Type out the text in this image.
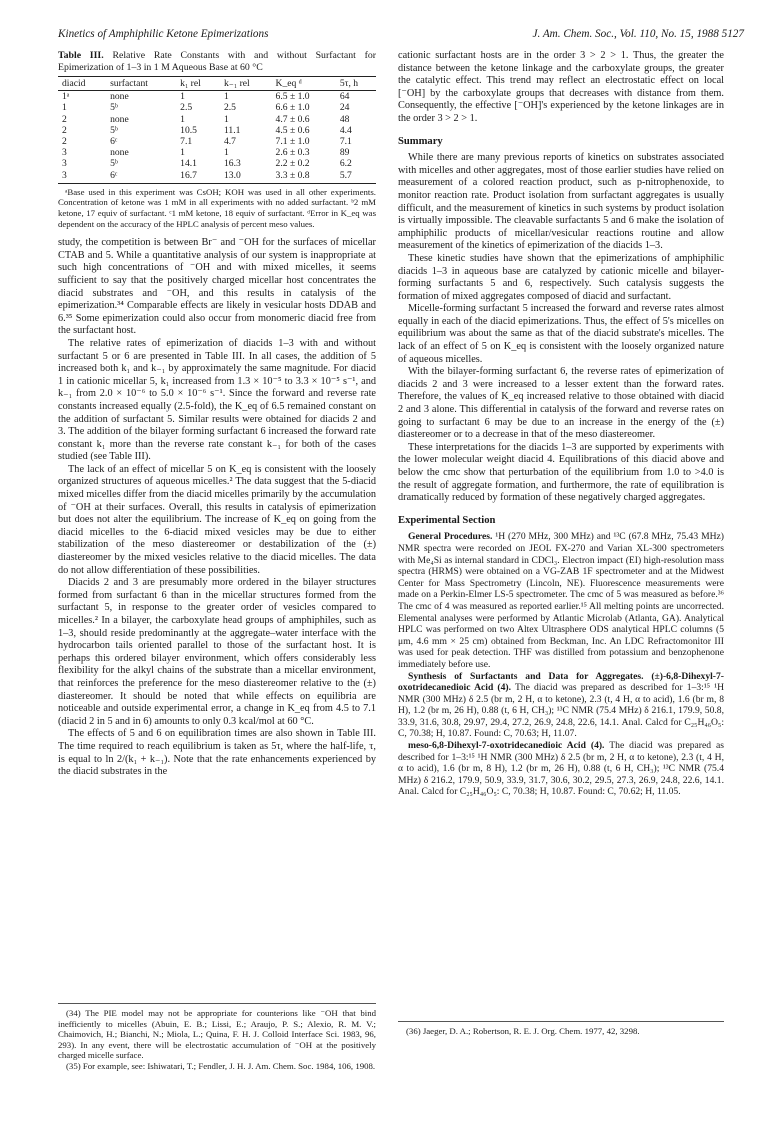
Kinetics of Amphiphilic Ketone Epimerizations	J. Am. Chem. Soc., Vol. 110, No. 15, 1988 5127
Table III. Relative Rate Constants with and without Surfactant for Epimerization of 1–3 in 1 M Aqueous Base at 60 °C
diacid	surfactant	k₁ rel	k₋₁ rel	K_eq ᵈ	5τ, h
1ᵃ	none	1	1	6.5 ± 1.0	64
1	5ᵇ	2.5	2.5	6.6 ± 1.0	24
2	none	1	1	4.7 ± 0.6	48
2	5ᵇ	10.5	11.1	4.5 ± 0.6	4.4
2	6ᶜ	7.1	4.7	7.1 ± 1.0	7.1
3	none	1	1	2.6 ± 0.3	89
3	5ᵇ	14.1	16.3	2.2 ± 0.2	6.2
3	6ᶜ	16.7	13.0	3.3 ± 0.8	5.7

ᵃBase used in this experiment was CsOH; KOH was used in all other experiments. Concentration of ketone was 1 mM in all experiments with no added surfactant. ᵇ2 mM ketone, 17 equiv of surfactant. ᶜ1 mM ketone, 18 equiv of surfactant. ᵈError in K_eq was dependent on the accuracy of the HPLC analysis of percent meso values.

study, the competition is between Br⁻ and ⁻OH for the surfaces of micellar CTAB and 5. While a quantitative analysis of our system is inappropriate at such high concentrations of ⁻OH and with mixed micelles, it seems sufficient to say that the positively charged micellar host concentrates the diacid substrates and ⁻OH, and this results in catalysis of the epimerization.³⁴ Comparable effects are likely in vesicular hosts DDAB and 6.³⁵ Some epimerization could also occur from monomeric diacid free from the surfactant host.

The relative rates of epimerization of diacids 1–3 with and without surfactant 5 or 6 are presented in Table III. In all cases, the addition of 5 increased both k₁ and k₋₁ by approximately the same magnitude. For diacid 1 in cationic micellar 5, k₁ increased from 1.3 × 10⁻⁵ to 3.3 × 10⁻⁵ s⁻¹, and k₋₁ from 2.0 × 10⁻⁶ to 5.0 × 10⁻⁶ s⁻¹. Since the forward and reverse rate constants increased equally (2.5-fold), the K_eq of 6.5 remained constant on the addition of surfactant 5. Similar results were obtained for diacids 2 and 3. The addition of the bilayer forming surfactant 6 increased the forward rate constant k₁ more than the reverse rate constant k₋₁ for both of the cases studied (see Table III).

The lack of an effect of micellar 5 on K_eq is consistent with the loosely organized structures of aqueous micelles.² The data suggest that the 5-diacid mixed micelles differ from the diacid micelles primarily by the accumulation of ⁻OH at their surfaces. Overall, this results in catalysis of epimerization but does not alter the equilibrium. The increase of K_eq on going from the diacid micelles to the 6-diacid mixed vesicles may be due to either stabilization of the meso diastereomer or destabilization of the (±) diastereomer by the mixed vesicles relative to the diacid micelles. The data do not allow differentiation of these possibilities.

Diacids 2 and 3 are presumably more ordered in the bilayer structures formed from surfactant 6 than in the micellar structures formed from the surfactant 5, in response to the greater order of vesicles compared to micelles.² In a bilayer, the carboxylate head groups of amphiphiles, such as 1–3, should reside predominantly at the aggregate–water interface with the hydrocarbon tails oriented parallel to those of the surfactant host. It is perhaps this ordered bilayer environment, which offers considerably less flexibility for the alkyl chains of the substrate than a micellar environment, that reinforces the preference for the meso diastereomer relative to the (±) diastereomer. It should be noted that while effects on equilibria are noticeable and outside experimental error, a change in K_eq from 4.5 to 7.1 (diacid 2 in 5 and in 6) amounts to only 0.3 kcal/mol at 60 °C.

The effects of 5 and 6 on equilibration times are also shown in Table III. The time required to reach equilibrium is taken as 5τ, where the half-life, τ, is equal to ln 2/(k₁ + k₋₁). Note that the rate enhancements experienced by the diacid substrates in the

cationic surfactant hosts are in the order 3 > 2 > 1. Thus, the greater the distance between the ketone linkage and the carboxylate groups, the greater the catalytic effect. This trend may reflect an electrostatic effect on local [⁻OH] by the carboxylate groups that decreases with distance from them. Consequently, the effective [⁻OH]'s experienced by the ketone linkages are in the order 3 > 2 > 1.

Summary

While there are many previous reports of kinetics on substrates associated with micelles and other aggregates, most of those earlier studies have relied on measurement of a colored reaction product, such as p-nitrophenoxide, to monitor reaction rate. Product isolation from surfactant aggregates is usually difficult, and the measurement of kinetics in such systems by product isolation is virtually impossible. The cleavable surfactants 5 and 6 make the isolation of amphiphilic products of micellar/vesicular reactions routine and allow measurement of the kinetics of epimerization of the diacids 1–3.

These kinetic studies have shown that the epimerizations of amphiphilic diacids 1–3 in aqueous base are catalyzed by cationic micelle and bilayer-forming surfactants 5 and 6, respectively. Such catalysis suggests the formation of mixed aggregates composed of diacid and surfactant.

Micelle-forming surfactant 5 increased the forward and reverse rates almost equally in each of the diacid epimerizations. Thus, the effect of 5's micelles on equilibrium was about the same as that of the diacid substrate's micelles. The lack of an effect of 5 on K_eq is consistent with the loosely organized nature of aqueous micelles.

With the bilayer-forming surfactant 6, the reverse rates of epimerization of diacids 2 and 3 were increased to a lesser extent than the forward rates. Therefore, the values of K_eq increased relative to those obtained with diacid 2 and 3 alone. This differential in catalysis of the forward and reverse rates on going to surfactant 6 may be due to an increase in the energy of the (±) diastereomer or to a decrease in that of the meso diastereomer.

These interpretations for the diacids 1–3 are supported by experiments with the lower molecular weight diacid 4. Equilibrations of this diacid above and below the cmc show that perturbation of the equilibrium from 1.0 to >4.0 is the result of aggregate formation, and furthermore, the rate of equilibration is dramatically reduced by formation of these negatively charged aggregates.

Experimental Section

General Procedures. ¹H (270 MHz, 300 MHz) and ¹³C (67.8 MHz, 75.43 MHz) NMR spectra were recorded on JEOL FX-270 and Varian XL-300 spectrometers with Me₄Si as internal standard in CDCl₃. Electron impact (EI) high-resolution mass spectra (HRMS) were obtained on a VG-ZAB 1F spectrometer and at the Midwest Center for Mass Spectrometry (Lincoln, NE). Fluorescence measurements were made on a Perkin-Elmer LS-5 spectrometer. The cmc of 5 was measured as before.³⁶ The cmc of 4 was measured as reported earlier.¹⁵ All melting points are uncorrected. Elemental analyses were performed by Atlantic Microlab (Atlanta, GA). Analytical HPLC was performed on two Altex Ultrasphere ODS analytical HPLC columns (5 μm, 4.6 mm × 25 cm) obtained from Beckman, Inc. An LDC Refractomonitor III was used for peak detection. THF was distilled from potassium and benzophenone immediately before use.

Synthesis of Surfactants and Data for Aggregates. (±)-6,8-Dihexyl-7-oxotridecanedioic Acid (4). The diacid was prepared as described for 1–3:¹⁵ ¹H NMR (300 MHz) δ 2.5 (br m, 2 H, α to ketone), 2.3 (t, 4 H, α to acid), 1.6 (br m, 8 H), 1.2 (br m, 26 H), 0.88 (t, 6 H, CH₃); ¹³C NMR (75.4 MHz) δ 216.1, 179.9, 50.8, 33.9, 31.6, 30.8, 29.97, 29.4, 27.2, 26.9, 24.8, 22.6, 14.1. Anal. Calcd for C₂₅H₄₆O₅: C, 70.38; H, 10.87. Found: C, 70.63; H, 11.07.

meso-6,8-Dihexyl-7-oxotridecanedioic Acid (4). The diacid was prepared as described for 1–3:¹⁵ ¹H NMR (300 MHz) δ 2.5 (br m, 2 H, α to ketone), 2.3 (t, 4 H, α to acid), 1.6 (br m, 8 H), 1.2 (br m, 26 H), 0.88 (t, 6 H, CH₃); ¹³C NMR (75.4 MHz) δ 216.2, 179.9, 50.9, 33.9, 31.7, 30.6, 30.2, 29.5, 27.3, 26.9, 24.8, 22.6, 14.1. Anal. Calcd for C₂₅H₄₆O₅: C, 70.38; H, 10.87. Found: C, 70.62; H, 11.05.

(34) The PIE model may not be appropriate for counterions like ⁻OH that bind inefficiently to micelles (Abuin, E. B.; Lissi, E.; Araujo, P. S.; Alexio, R. M. V.; Chaimovich, H.; Bianchi, N.; Miola, L.; Quina, F. H. J. Colloid Interface Sci. 1983, 96, 293). In any event, there will be electrostatic accumulation of ⁻OH at the positively charged micelle surface.

(35) For example, see: Ishiwatari, T.; Fendler, J. H. J. Am. Chem. Soc. 1984, 106, 1908.

(36) Jaeger, D. A.; Robertson, R. E. J. Org. Chem. 1977, 42, 3298.
